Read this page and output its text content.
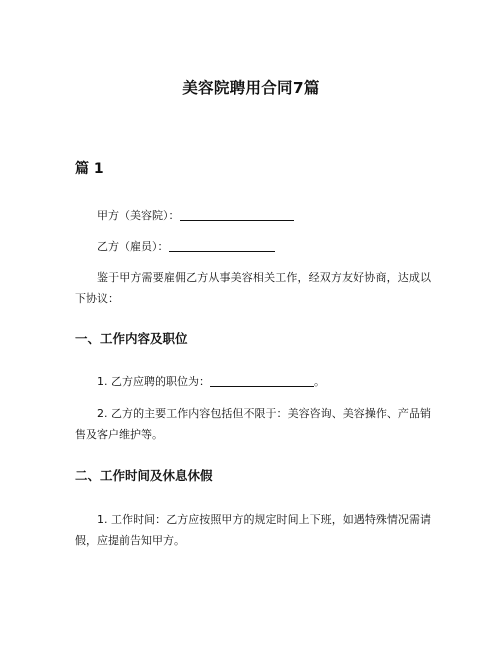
美容院聘用合同7篇
篇 1
甲方（美容院）：
乙方（雇员）：

鉴于甲方需要雇佣乙方从事美容相关工作，经双方友好协商，达成以下协议：

一、工作内容及职位

1. 乙方应聘的职位为：	。

2. 乙方的主要工作内容包括但不限于：美容咨询、美容操作、产品销售及客户维护等。

二、工作时间及休息休假

1. 工作时间：乙方应按照甲方的规定时间上下班，如遇特殊情况需请假，应提前告知甲方。
